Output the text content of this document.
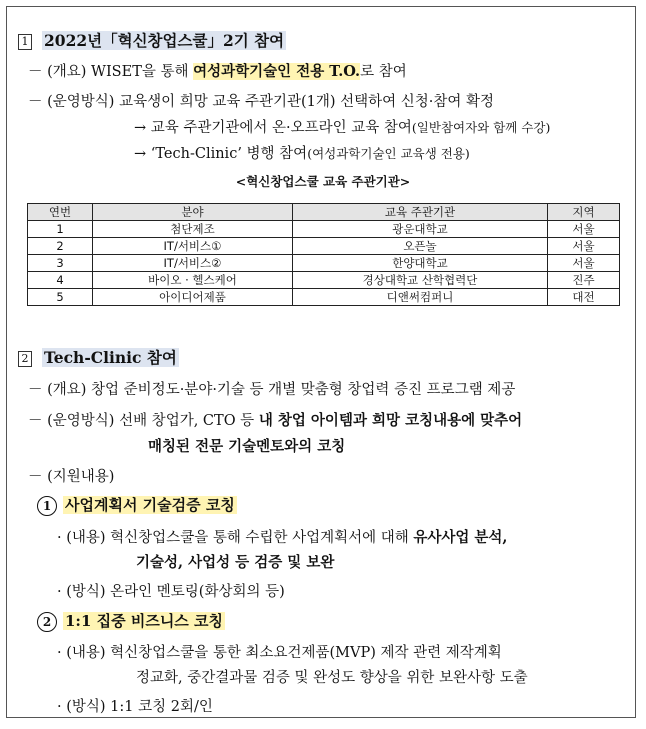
1 2022년「혁신창업스쿨」2기 참여
－ (개요) WISET을 통해 여성과학기술인 전용 T.O.로 참여
－ (운영방식) 교육생이 희망 교육 주관기관(1개) 선택하여 신청·참여 확정
→ 교육 주관기관에서 온·오프라인 교육 참여(일반참여자와 함께 수강)
→ ‘Tech-Clinic’ 병행 참여(여성과학기술인 교육생 전용)
<혁신창업스쿨 교육 주관기관>
연번	분야	교육 주관기관	지역
1	첨단제조	광운대학교	서울
2	IT/서비스①	오픈놀	서울
3	IT/서비스②	한양대학교	서울
4	바이오 · 헬스케어	경상대학교 산학협력단	진주
5	아이디어제품	디앤써컴퍼니	대전
2 Tech-Clinic 참여
－ (개요) 창업 준비정도·분야·기술 등 개별 맞춤형 창업력 증진 프로그램 제공
－ (운영방식) 선배 창업가, CTO 등 내 창업 아이템과 희망 코칭내용에 맞추어
매칭된 전문 기술멘토와의 코칭
－ (지원내용)
1 사업계획서 기술검증 코칭
· (내용) 혁신창업스쿨을 통해 수립한 사업계획서에 대해 유사사업 분석,
기술성, 사업성 등 검증 및 보완
· (방식) 온라인 멘토링(화상회의 등)
2 1:1 집중 비즈니스 코칭
· (내용) 혁신창업스쿨을 통한 최소요건제품(MVP) 제작 관련 제작계획
정교화, 중간결과물 검증 및 완성도 향상을 위한 보완사항 도출
· (방식) 1:1 코칭 2회/인
